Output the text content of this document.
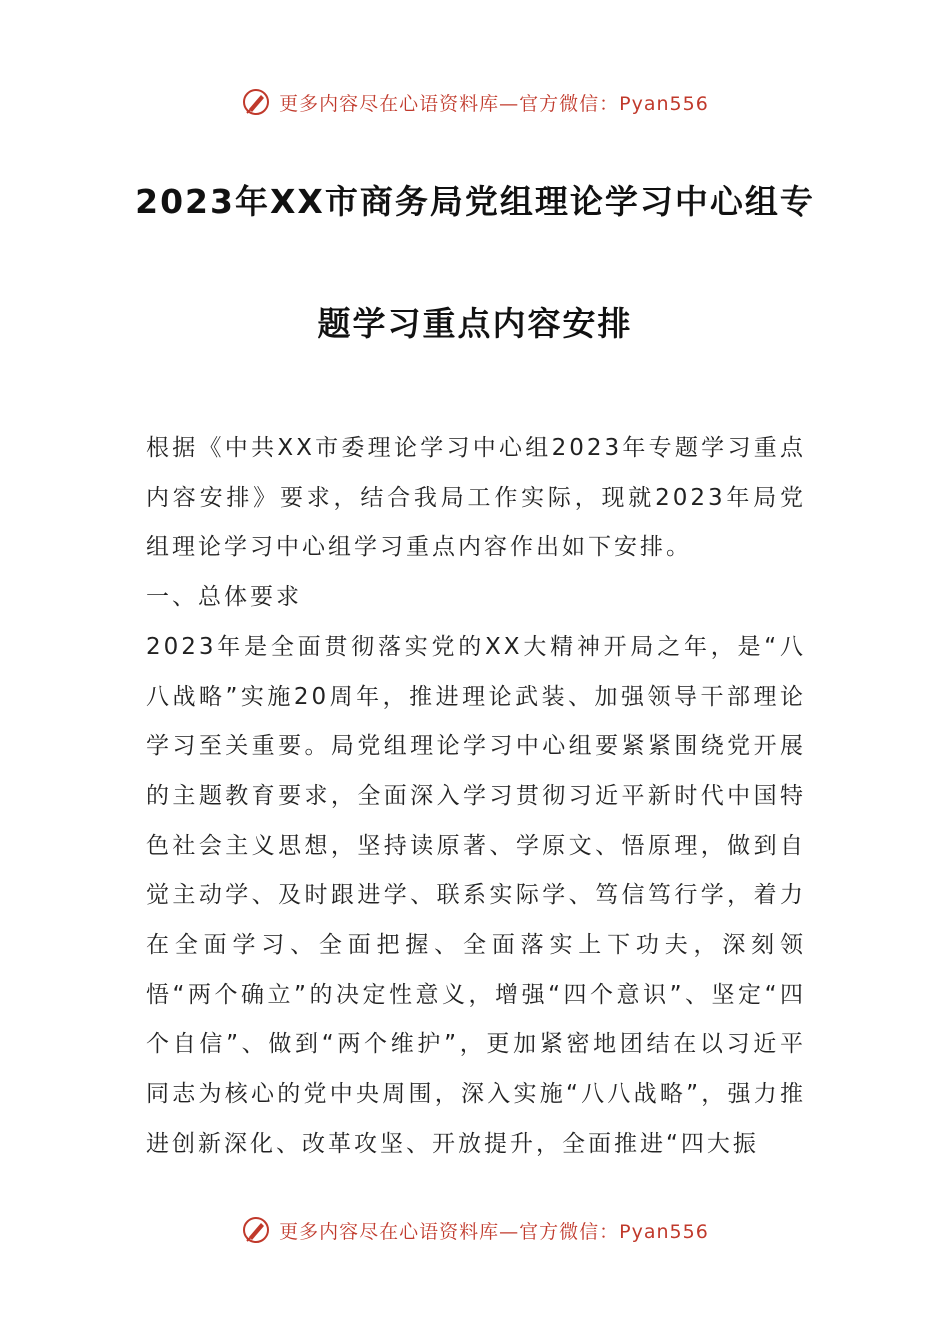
更多内容尽在心语资料库—官方微信：Pyan556
2023年XX市商务局党组理论学习中心组专
题学习重点内容安排

根据《中共XX市委理论学习中心组2023年专题学习重点内容安排》要求，结合我局工作实际，现就2023年局党组理论学习中心组学习重点内容作出如下安排。

一、总体要求

2023年是全面贯彻落实党的XX大精神开局之年，是“八八战略”实施20周年，推进理论武装、加强领导干部理论学习至关重要。局党组理论学习中心组要紧紧围绕党开展的主题教育要求，全面深入学习贯彻习近平新时代中国特色社会主义思想，坚持读原著、学原文、悟原理，做到自觉主动学、及时跟进学、联系实际学、笃信笃行学，着力在全面学习、全面把握、全面落实上下功夫，深刻领悟“两个确立”的决定性意义，增强“四个意识”、坚定“四个自信”、做到“两个维护”，更加紧密地团结在以习近平同志为核心的党中央周围，深入实施“八八战略”，强力推进创新深化、改革攻坚、开放提升，全面推进“四大振

更多内容尽在心语资料库—官方微信：Pyan556
